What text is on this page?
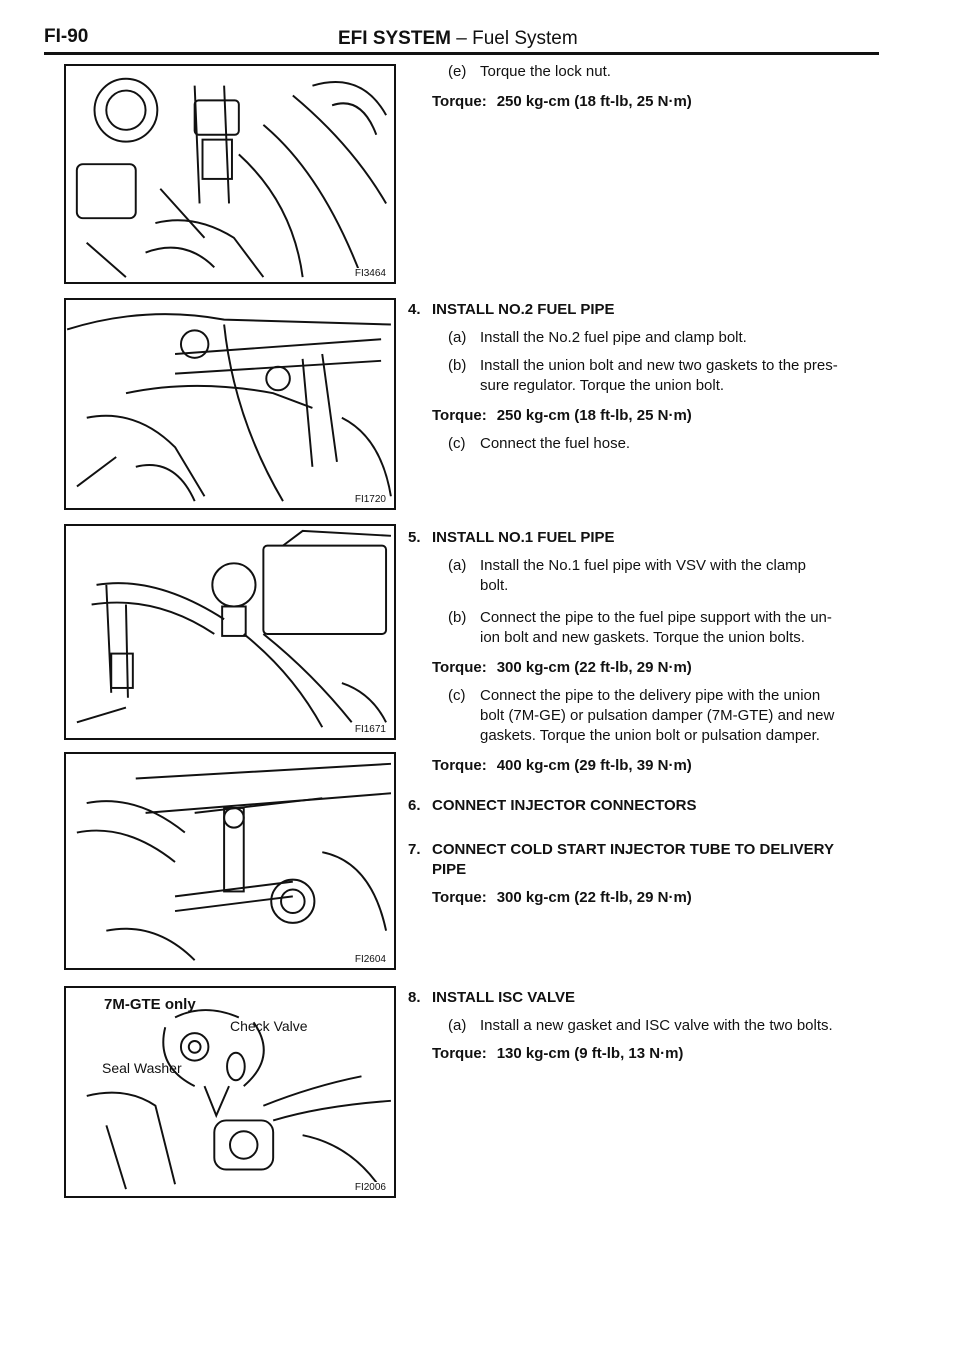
FI-90	EFI SYSTEM – Fuel System
FI3464
FI1720
FI1671
FI2604
7M-GTE only
Check Valve
Seal Washer
FI2006
(e) Torque the lock nut.
Torque: 250 kg-cm (18 ft-lb, 25 N·m)
4. INSTALL NO.2 FUEL PIPE
(a) Install the No.2 fuel pipe and clamp bolt.
(b) Install the union bolt and new two gaskets to the pres-
sure regulator. Torque the union bolt.
Torque: 250 kg-cm (18 ft-lb, 25 N·m)
(c) Connect the fuel hose.
5. INSTALL NO.1 FUEL PIPE
(a) Install the No.1 fuel pipe with VSV with the clamp
bolt.
(b) Connect the pipe to the fuel pipe support with the un-
ion bolt and new gaskets. Torque the union bolts.
Torque: 300 kg-cm (22 ft-lb, 29 N·m)
(c) Connect the pipe to the delivery pipe with the union
bolt (7M-GE) or pulsation damper (7M-GTE) and new
gaskets. Torque the union bolt or pulsation damper.
Torque: 400 kg-cm (29 ft-lb, 39 N·m)
6. CONNECT INJECTOR CONNECTORS
7. CONNECT COLD START INJECTOR TUBE TO DELIVERY
PIPE
Torque: 300 kg-cm (22 ft-lb, 29 N·m)
8. INSTALL ISC VALVE
(a) Install a new gasket and ISC valve with the two bolts.
Torque: 130 kg-cm (9 ft-lb, 13 N·m)
